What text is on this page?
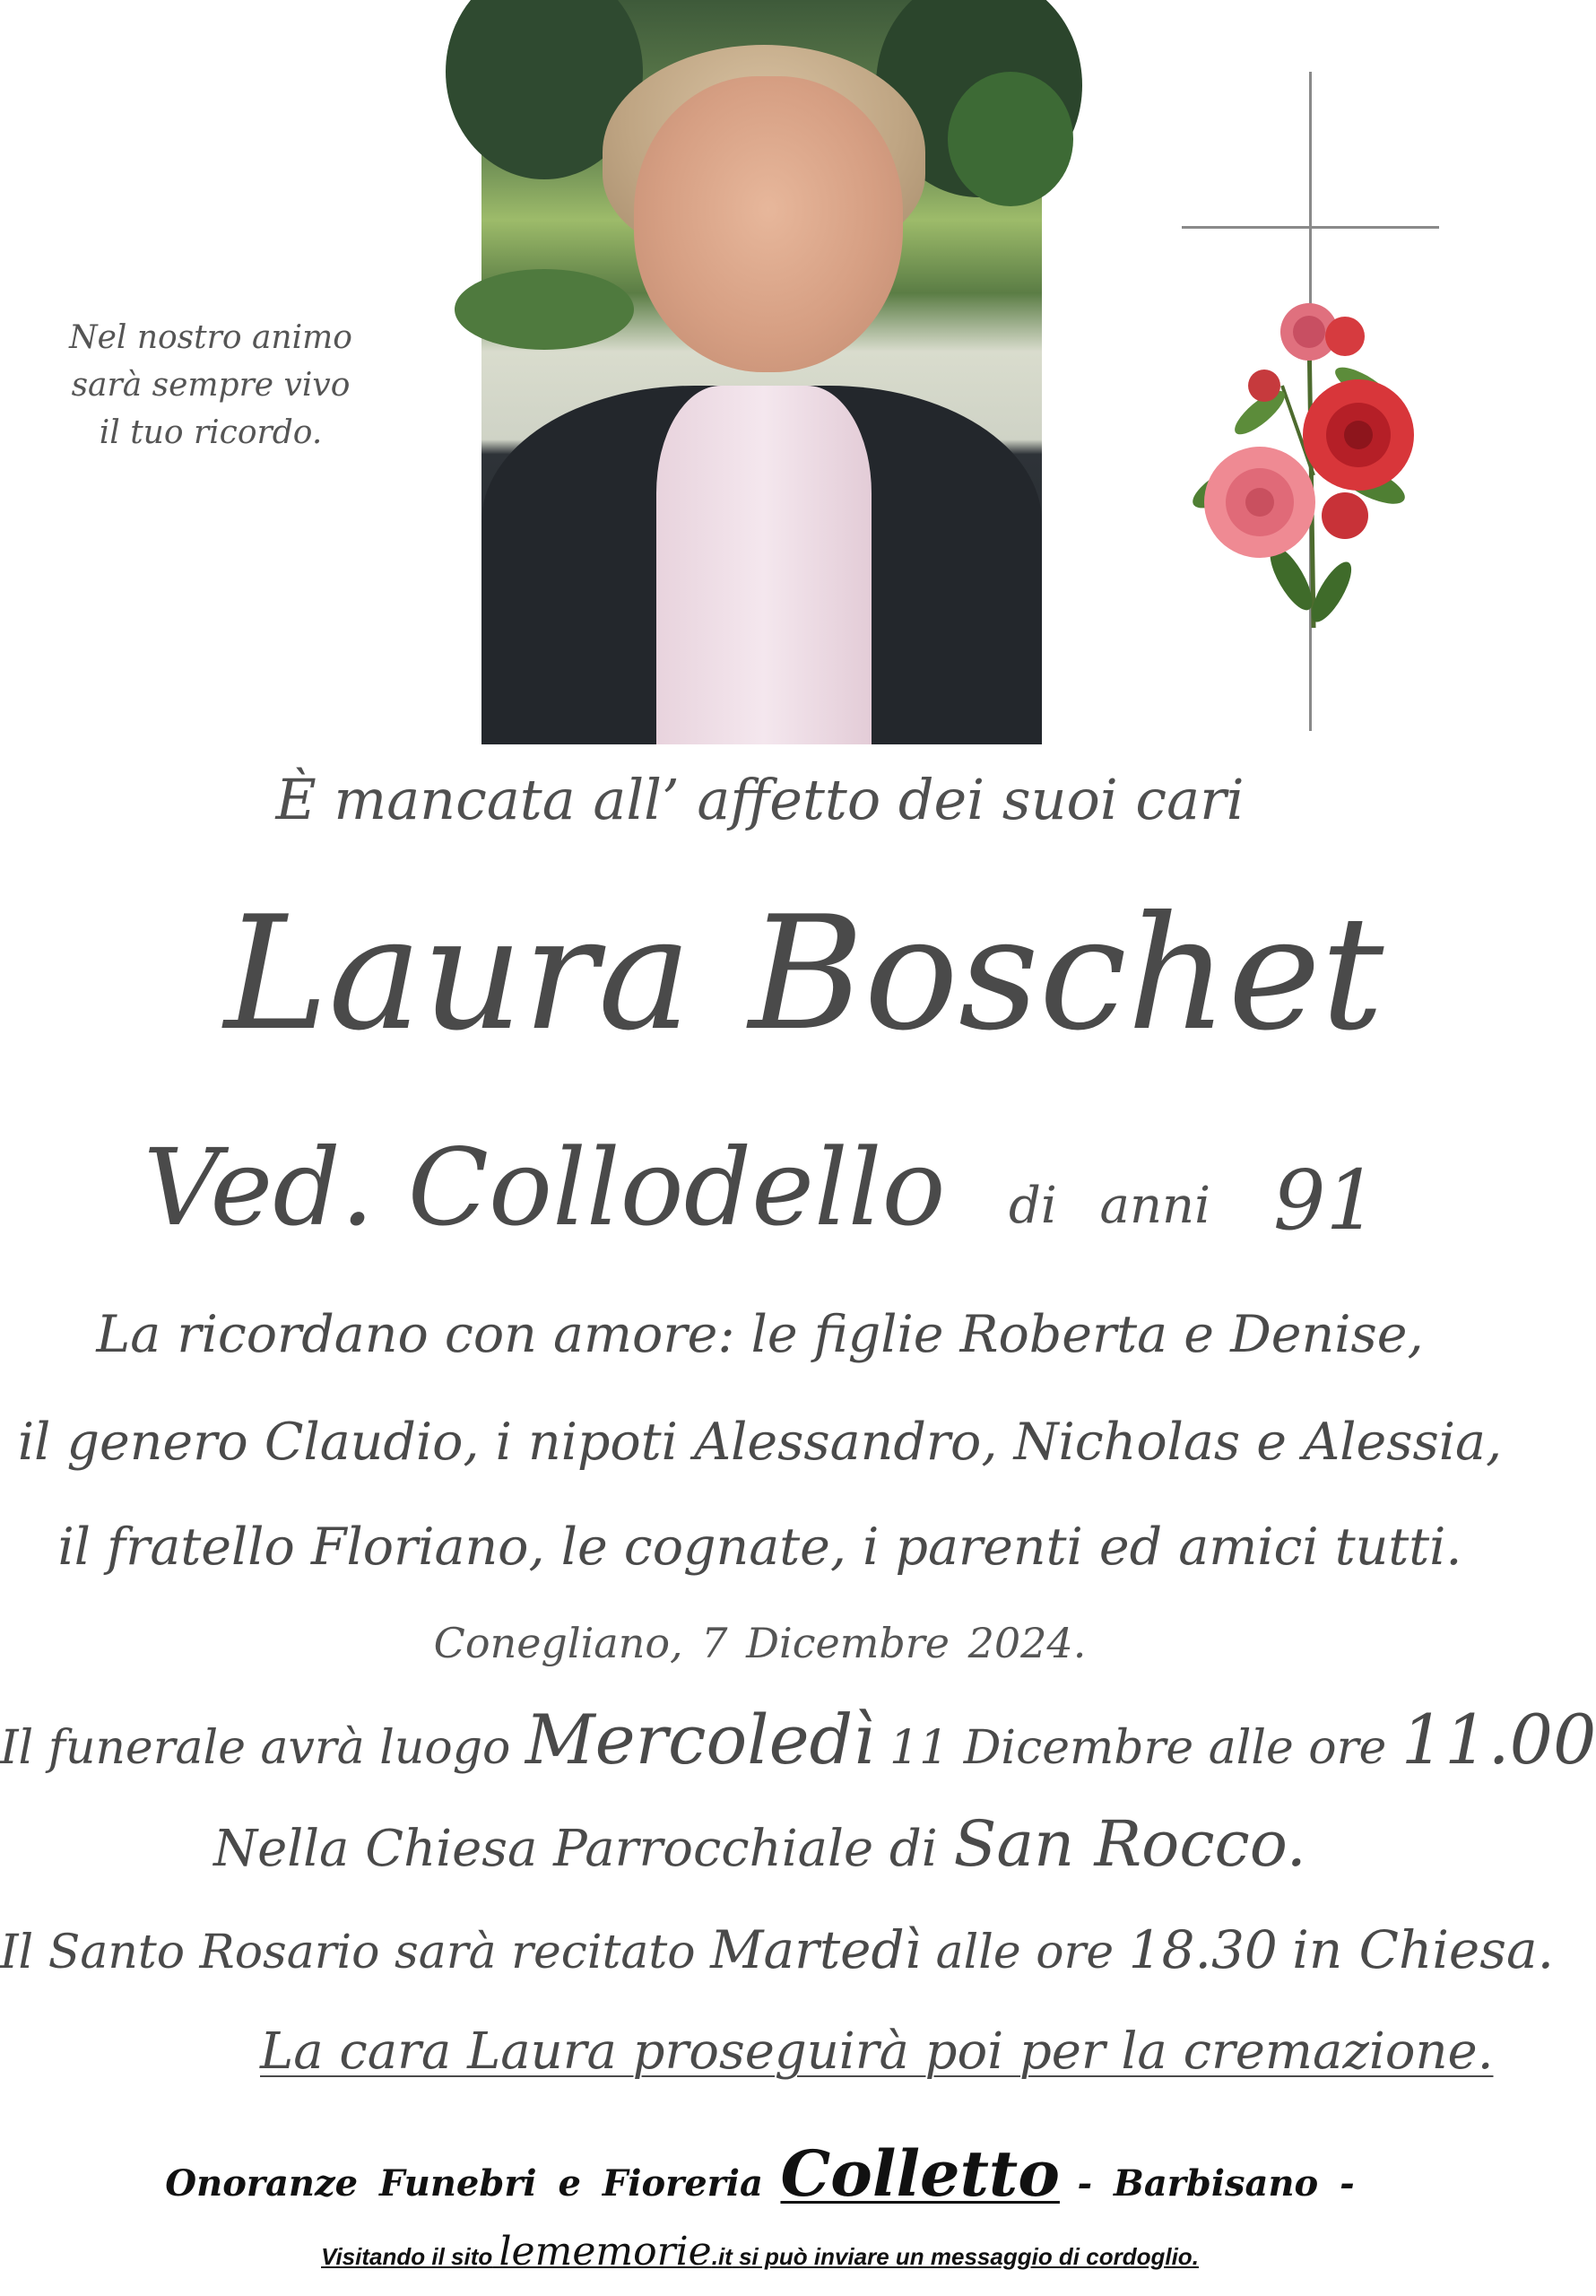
Nel nostro animo
sarà sempre vivo
il tuo ricordo.
È mancata all’ affetto dei suoi cari
Laura Boschet
Ved. Collodello di anni 91
La ricordano con amore: le figlie Roberta e Denise,
il genero Claudio, i nipoti Alessandro, Nicholas e Alessia,
il fratello Floriano, le cognate, i parenti ed amici tutti.
Conegliano, 7 Dicembre 2024.
Il funerale avrà luogo Mercoledì 11 Dicembre alle ore 11.00
Nella Chiesa Parrocchiale di San Rocco.
Il Santo Rosario sarà recitato Martedì alle ore 18.30 in Chiesa.
La cara Laura proseguirà poi per la cremazione.
Onoranze Funebri e Fioreria Colletto - Barbisano -
Visitando il sito lememorie.it si può inviare un messaggio di cordoglio.
